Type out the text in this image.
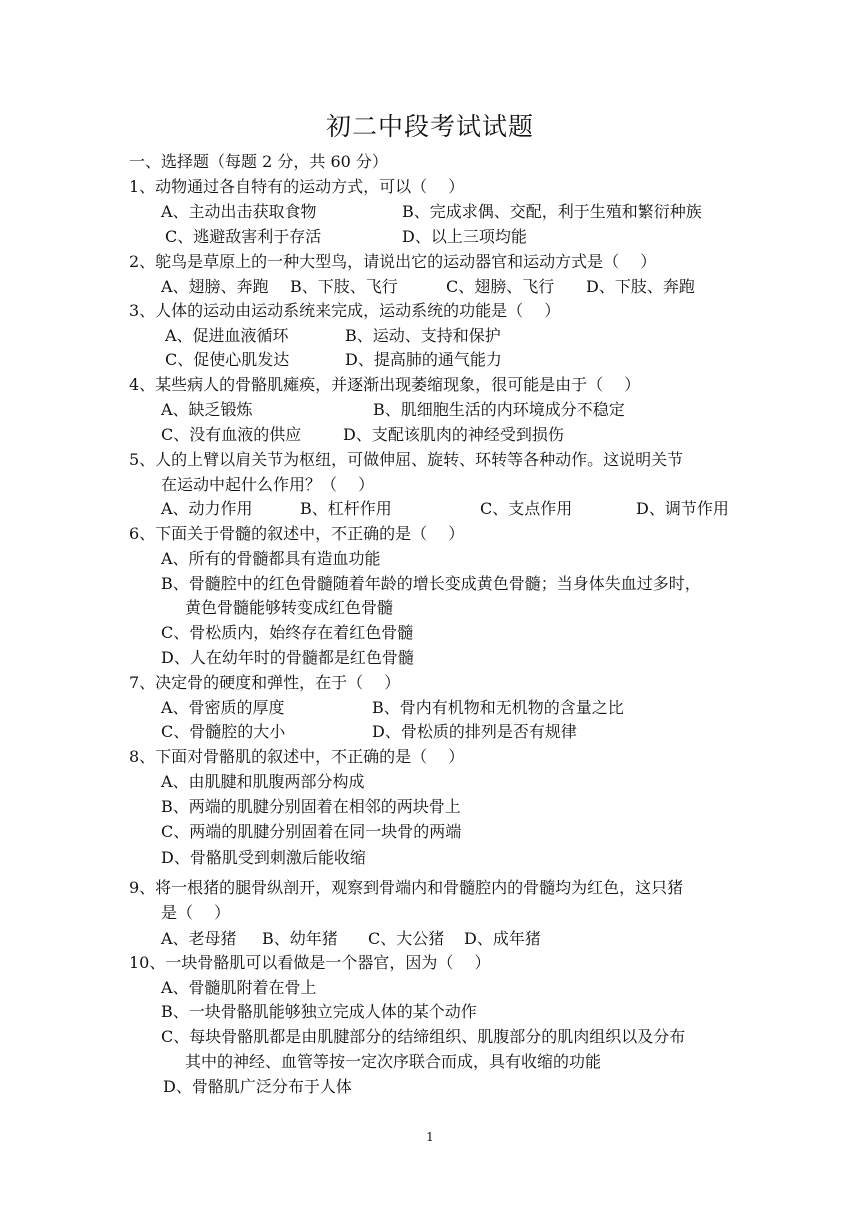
初二中段考试试题
一、选择题（每题 2 分，共 60 分）
1、动物通过各自特有的运动方式，可以（　 ）
A、主动出击获取食物	B、完成求偶、交配，利于生殖和繁衍种族
C、逃避敌害利于存活	D、以上三项均能
2、鸵鸟是草原上的一种大型鸟，请说出它的运动器官和运动方式是（　 ）
A、翅膀、奔跑 B、下肢、飞行	C、翅膀、飞行 D、下肢、奔跑
3、人体的运动由运动系统来完成，运动系统的功能是（　 ）
A、促进血液循环	B、运动、支持和保护
C、促使心肌发达	D、提高肺的通气能力
4、某些病人的骨骼肌瘫痪，并逐渐出现萎缩现象，很可能是由于（　 ）
A、缺乏锻炼	B、肌细胞生活的内环境成分不稳定
C、没有血液的供应	D、支配该肌肉的神经受到损伤
5、人的上臂以肩关节为枢纽，可做伸屈、旋转、环转等各种动作。这说明关节
在运动中起什么作用？（　 ）
A、动力作用	B、杠杆作用	C、支点作用	D、调节作用
6、下面关于骨髓的叙述中，不正确的是（　 ）
A、所有的骨髓都具有造血功能
B、骨髓腔中的红色骨髓随着年龄的增长变成黄色骨髓；当身体失血过多时，
黄色骨髓能够转变成红色骨髓
C、骨松质内，始终存在着红色骨髓
D、人在幼年时的骨髓都是红色骨髓
7、决定骨的硬度和弹性，在于（　 ）
A、骨密质的厚度	B、骨内有机物和无机物的含量之比
C、骨髓腔的大小	D、骨松质的排列是否有规律
8、下面对骨骼肌的叙述中，不正确的是（　 ）
A、由肌腱和肌腹两部分构成
B、两端的肌腱分别固着在相邻的两块骨上
C、两端的肌腱分别固着在同一块骨的两端
D、骨骼肌受到刺激后能收缩
9、将一根猪的腿骨纵剖开，观察到骨端内和骨髓腔内的骨髓均为红色，这只猪
是（　 ）
A、老母猪 B、幼年猪 C、大公猪 D、成年猪
10、一块骨骼肌可以看做是一个器官，因为（　 ）
A、骨髓肌附着在骨上
B、一块骨骼肌能够独立完成人体的某个动作
C、每块骨骼肌都是由肌腱部分的结缔组织、肌腹部分的肌肉组织以及分布
其中的神经、血管等按一定次序联合而成，具有收缩的功能
D、骨骼肌广泛分布于人体
1
